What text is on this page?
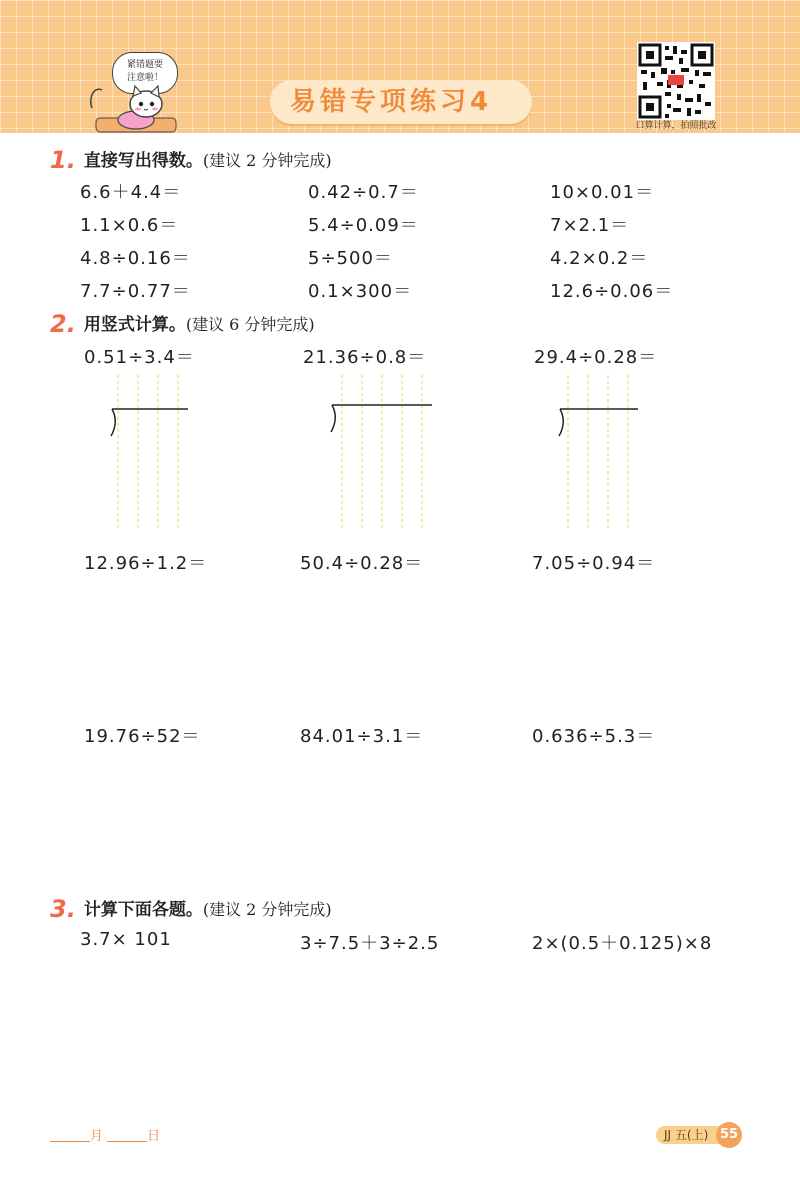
紧错题要
注意啦！
易错专项练习4
口算计算，拍照批改
1. 直接写出得数。(建议 2 分钟完成)
6.6＋4.4＝	0.42÷0.7＝	10×0.01＝
1.1×0.6＝	5.4÷0.09＝	7×2.1＝
4.8÷0.16＝	5÷500＝	4.2×0.2＝
7.7÷0.77＝	0.1×300＝	12.6÷0.06＝
2. 用竖式计算。(建议 6 分钟完成)
0.51÷3.4＝	21.36÷0.8＝	29.4÷0.28＝
12.96÷1.2＝	50.4÷0.28＝	7.05÷0.94＝
19.76÷52＝	84.01÷3.1＝	0.636÷5.3＝
3. 计算下面各题。(建议 2 分钟完成)
3.7× 101	3÷7.5＋3÷2.5	2×(0.5＋0.125)×8
月	日	JJ 五(上) 55
